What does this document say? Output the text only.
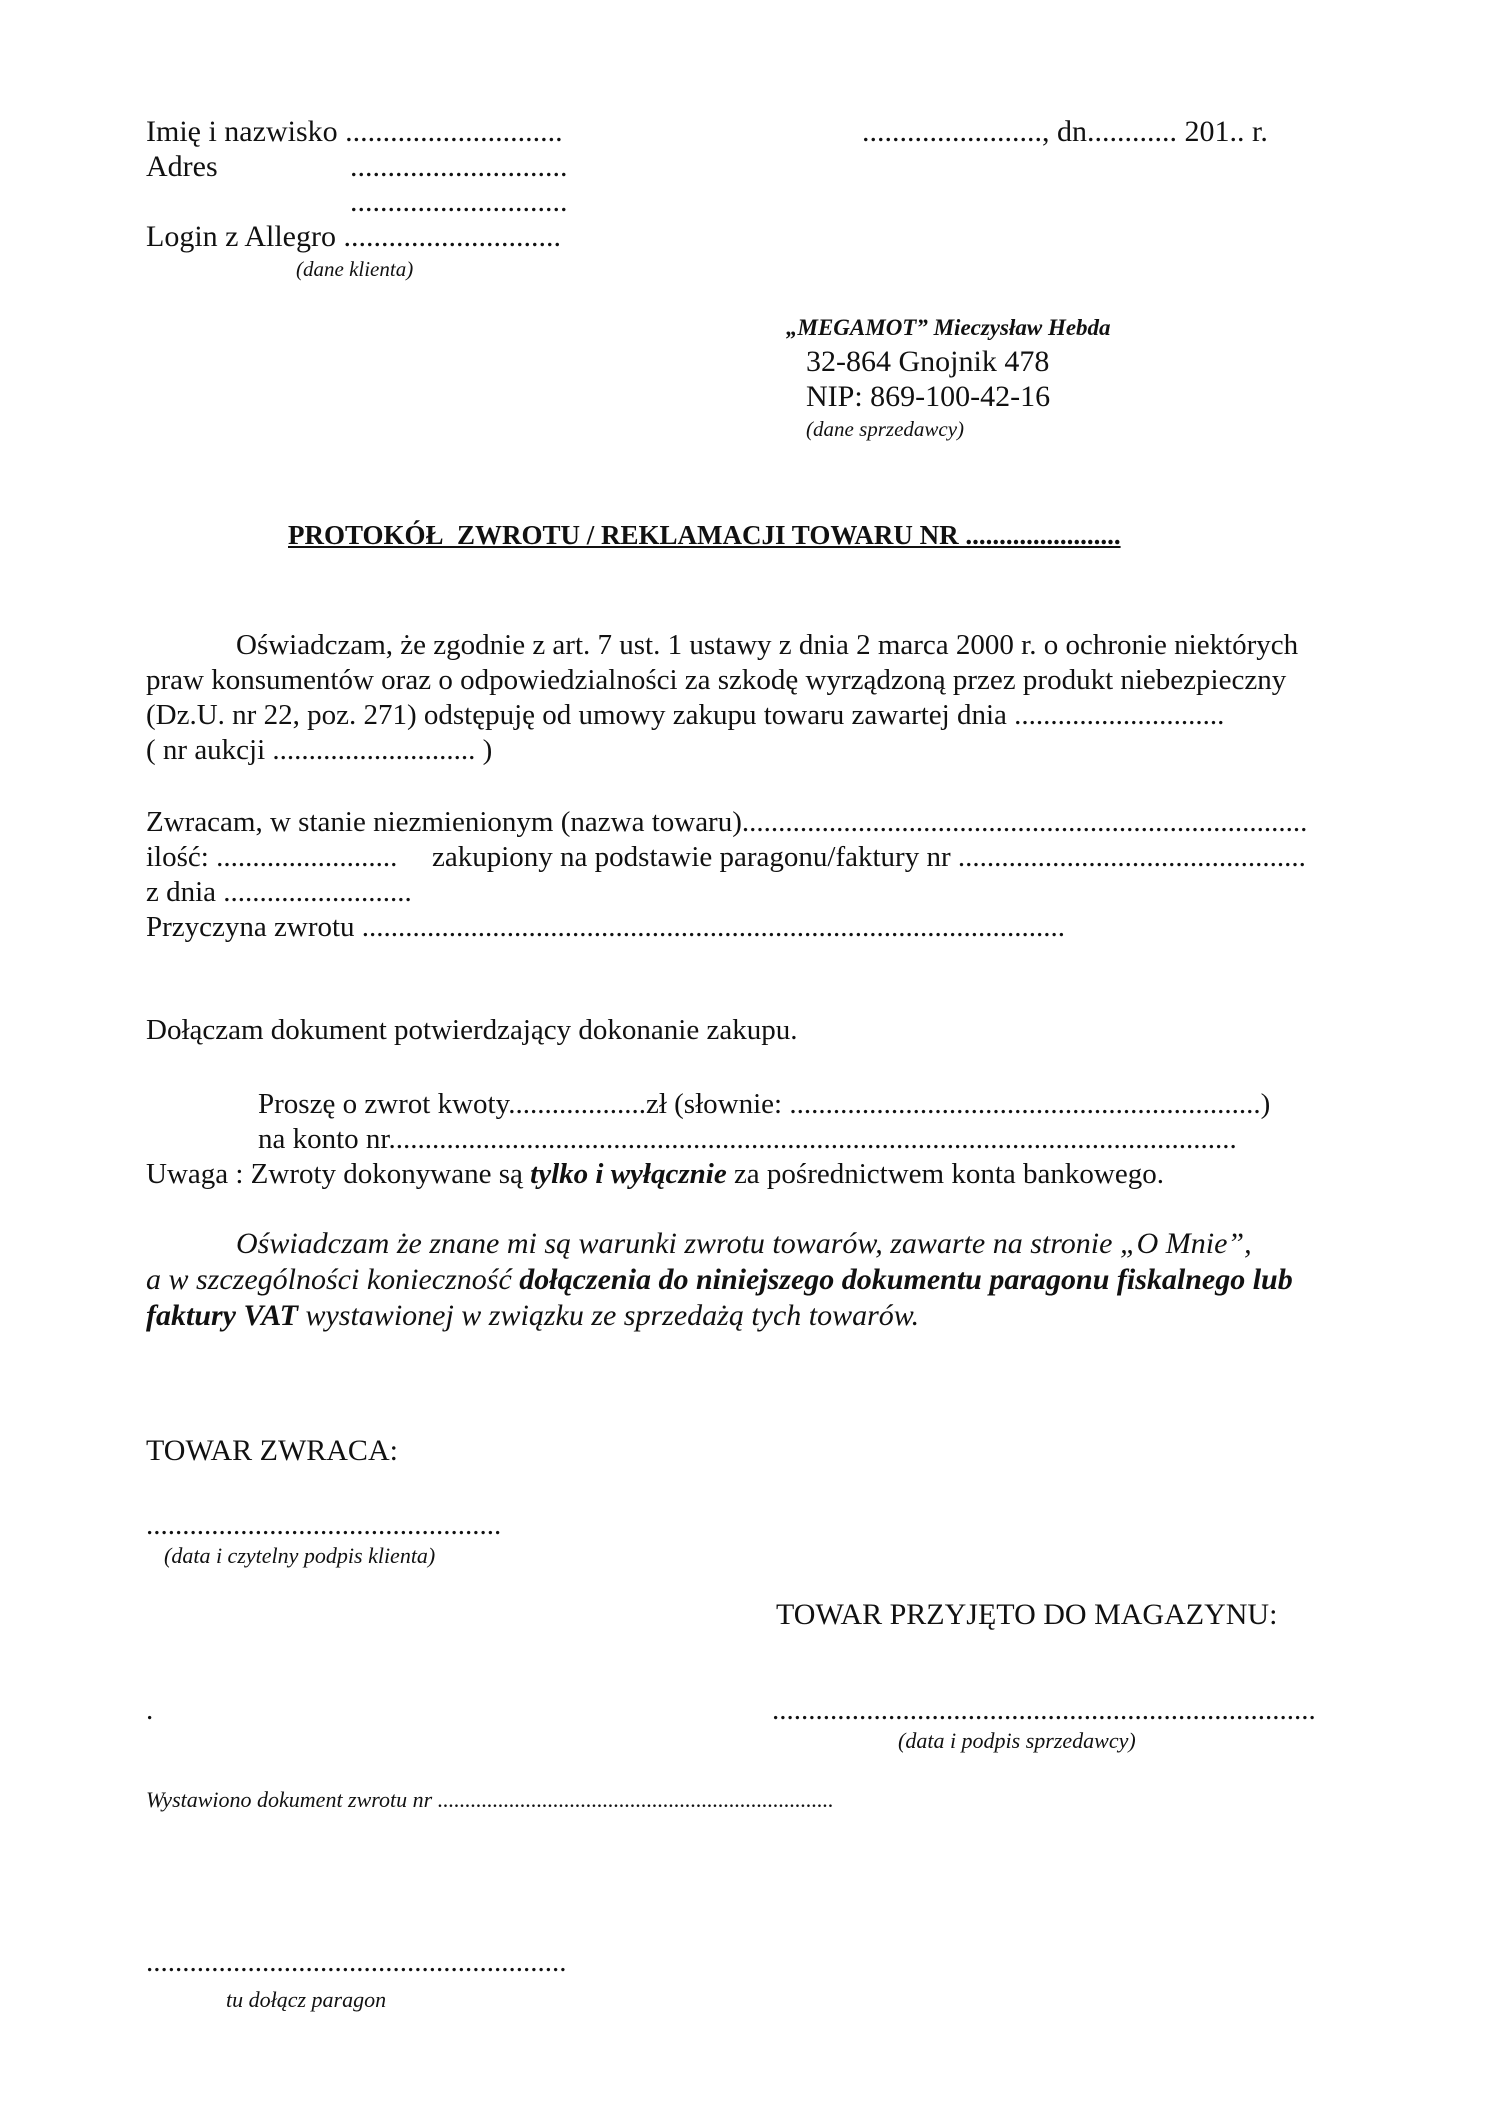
Imię i nazwisko .............................	........................, dn............ 201.. r.
Adres	.............................
.............................
Login z Allegro .............................
(dane klienta)
„MEGAMOT” Mieczysław Hebda
32-864 Gnojnik 478
NIP: 869-100-42-16
(dane sprzedawcy)
PROTOKÓŁ  ZWROTU / REKLAMACJI TOWARU NR .......................
Oświadczam, że zgodnie z art. 7 ust. 1 ustawy z dnia 2 marca 2000 r. o ochronie niektórych
praw konsumentów oraz o odpowiedzialności za szkodę wyrządzoną przez produkt niebezpieczny
(Dz.U. nr 22, poz. 271) odstępuję od umowy zakupu towaru zawartej dnia .............................
( nr aukcji ............................ )
Zwracam, w stanie niezmienionym (nazwa towaru)..............................................................................
ilość: ......................... zakupiony na podstawie paragonu/faktury nr ................................................
z dnia ..........................
Przyczyna zwrotu .................................................................................................
Dołączam dokument potwierdzający dokonanie zakupu.
Proszę o zwrot kwoty...................zł (słownie: .................................................................)
na konto nr.....................................................................................................................
Uwaga : Zwroty dokonywane są tylko i wyłącznie za pośrednictwem konta bankowego.
Oświadczam że znane mi są warunki zwrotu towarów, zawarte na stronie „O Mnie”,
a w szczególności konieczność dołączenia do niniejszego dokumentu paragonu fiskalnego lub faktury VAT wystawionej w związku ze sprzedażą tych towarów.
TOWAR ZWRACA:
.................................................
(data i czytelny podpis klienta)
TOWAR PRZYJĘTO DO MAGAZYNU:
.	...........................................................................
(data i podpis sprzedawcy)
Wystawiono dokument zwrotu nr ........................................................................
..........................................................
tu dołącz paragon
